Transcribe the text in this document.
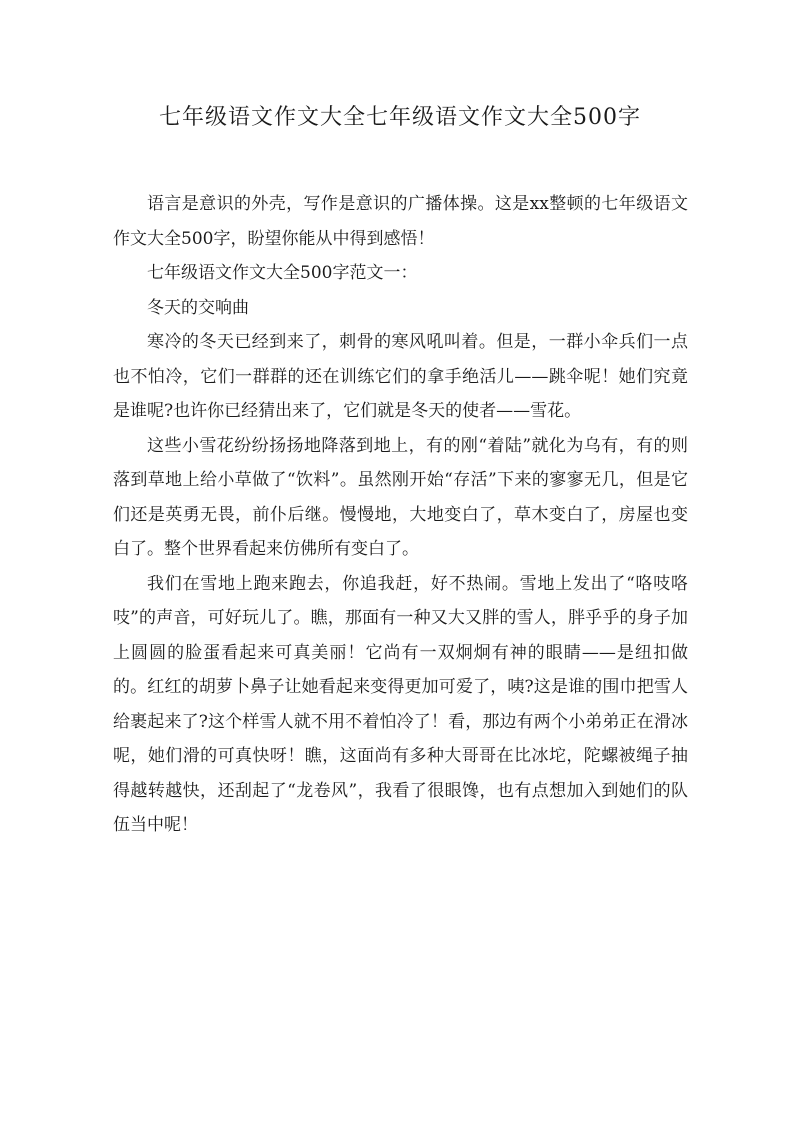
七年级语文作文大全七年级语文作文大全500字

语言是意识的外壳，写作是意识的广播体操。这是xx整顿的七年级语文作文大全500字，盼望你能从中得到感悟！

七年级语文作文大全500字范文一：

冬天的交响曲

寒冷的冬天已经到来了，刺骨的寒风吼叫着。但是，一群小伞兵们一点也不怕冷，它们一群群的还在训练它们的拿手绝活儿——跳伞呢！她们究竟是谁呢?也许你已经猜出来了，它们就是冬天的使者——雪花。

这些小雪花纷纷扬扬地降落到地上，有的刚“着陆”就化为乌有，有的则落到草地上给小草做了“饮料”。虽然刚开始“存活”下来的寥寥无几，但是它们还是英勇无畏，前仆后继。慢慢地，大地变白了，草木变白了，房屋也变白了。整个世界看起来仿佛所有变白了。

我们在雪地上跑来跑去，你追我赶，好不热闹。雪地上发出了“咯吱咯吱”的声音，可好玩儿了。瞧，那面有一种又大又胖的雪人，胖乎乎的身子加上圆圆的脸蛋看起来可真美丽！它尚有一双炯炯有神的眼睛——是纽扣做的。红红的胡萝卜鼻子让她看起来变得更加可爱了，咦?这是谁的围巾把雪人给裹起来了?这个样雪人就不用不着怕冷了！看，那边有两个小弟弟正在滑冰呢，她们滑的可真快呀！瞧，这面尚有多种大哥哥在比冰坨，陀螺被绳子抽得越转越快，还刮起了“龙卷风”，我看了很眼馋，也有点想加入到她们的队伍当中呢！
